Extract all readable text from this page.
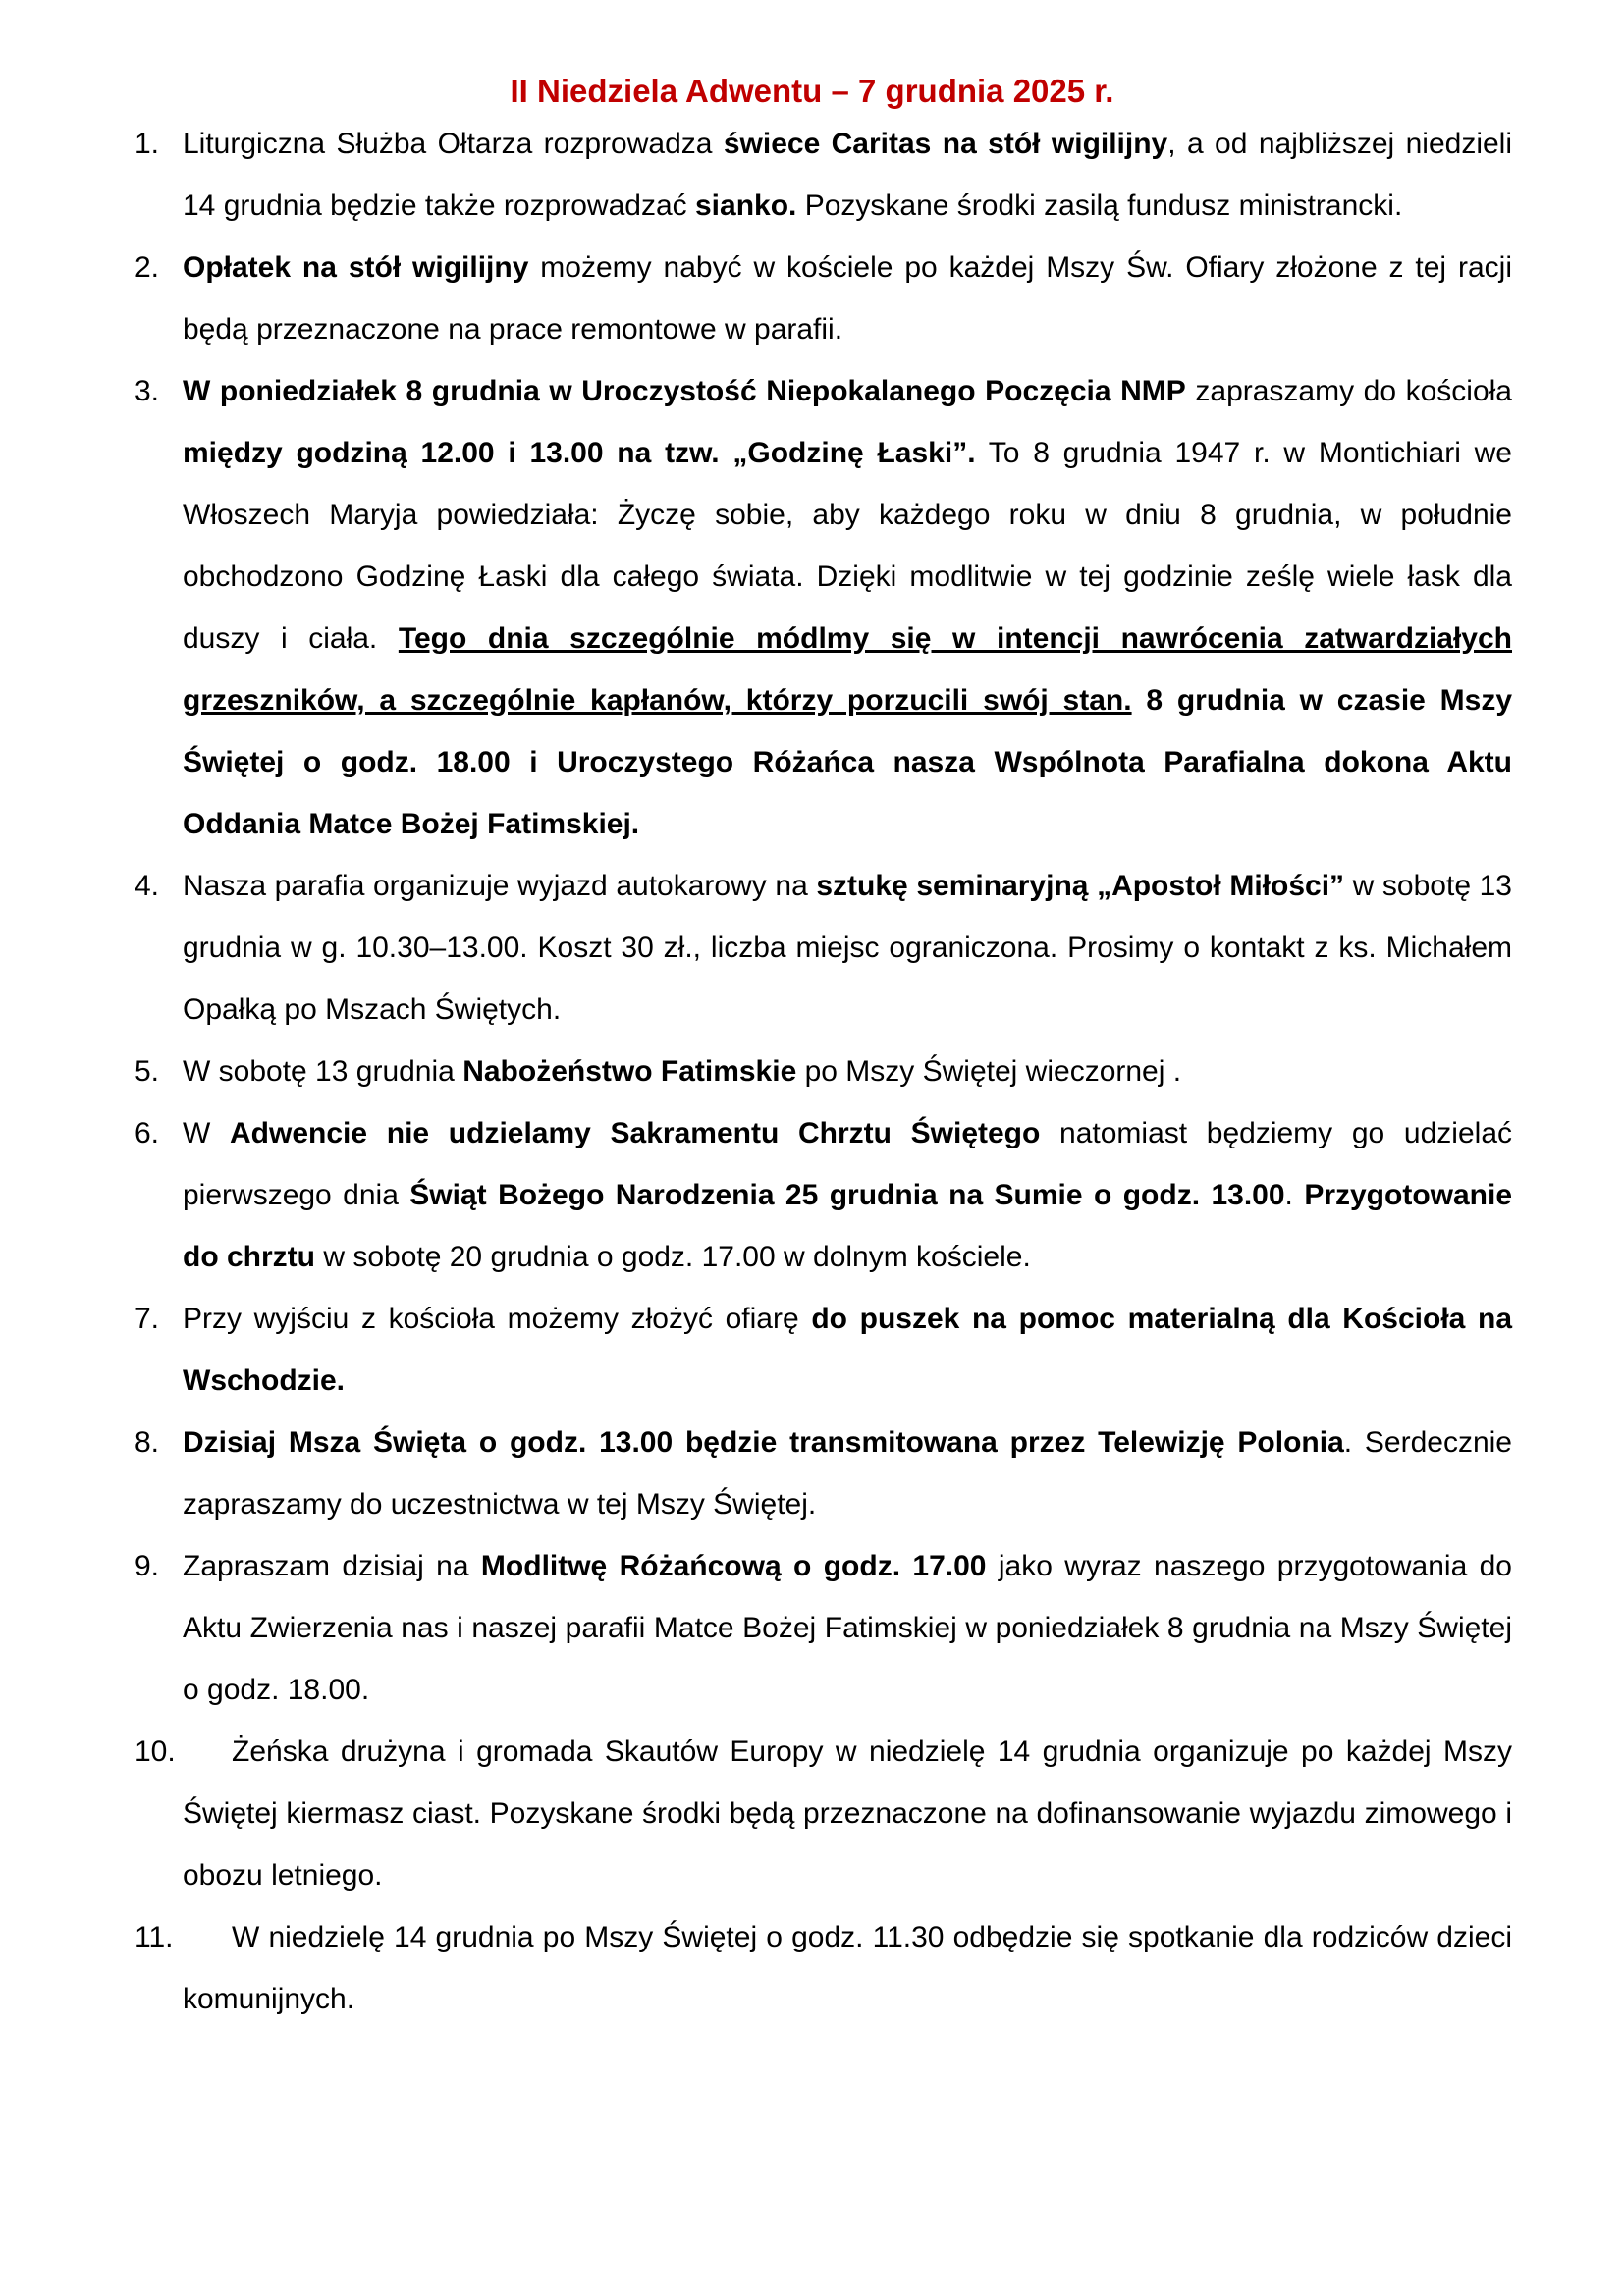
II Niedziela Adwentu – 7 grudnia 2025 r.
1. Liturgiczna Służba Ołtarza rozprowadza świece Caritas na stół wigilijny, a od najbliższej niedzieli 14 grudnia będzie także rozprowadzać sianko. Pozyskane środki zasilą fundusz ministrancki.
2. Opłatek na stół wigilijny możemy nabyć w kościele po każdej Mszy Św. Ofiary złożone z tej racji będą przeznaczone na prace remontowe w parafii.
3. W poniedziałek 8 grudnia w Uroczystość Niepokalanego Poczęcia NMP zapraszamy do kościoła między godziną 12.00 i 13.00 na tzw. „Godzinę Łaski”. To 8 grudnia 1947 r. w Montichiari we Włoszech Maryja powiedziała: Życzę sobie, aby każdego roku w dniu 8 grudnia, w południe obchodzono Godzinę Łaski dla całego świata. Dzięki modlitwie w tej godzinie ześlę wiele łask dla duszy i ciała. Tego dnia szczególnie módlmy się w intencji nawrócenia zatwardziałych grzeszników, a szczególnie kapłanów, którzy porzucili swój stan. 8 grudnia w czasie Mszy Świętej o godz. 18.00 i Uroczystego Różańca nasza Wspólnota Parafialna dokona Aktu Oddania Matce Bożej Fatimskiej.
4. Nasza parafia organizuje wyjazd autokarowy na sztukę seminaryjną „Apostoł Miłości” w sobotę 13 grudnia w g. 10.30–13.00. Koszt 30 zł., liczba miejsc ograniczona. Prosimy o kontakt z ks. Michałem Opałką po Mszach Świętych.
5. W sobotę 13 grudnia Nabożeństwo Fatimskie po Mszy Świętej wieczornej .
6. W Adwencie nie udzielamy Sakramentu Chrztu Świętego natomiast będziemy go udzielać pierwszego dnia Świąt Bożego Narodzenia 25 grudnia na Sumie o godz. 13.00. Przygotowanie do chrztu w sobotę 20 grudnia o godz. 17.00 w dolnym kościele.
7. Przy wyjściu z kościoła możemy złożyć ofiarę do puszek na pomoc materialną dla Kościoła na Wschodzie.
8. Dzisiaj Msza Święta o godz. 13.00 będzie transmitowana przez Telewizję Polonia. Serdecznie zapraszamy do uczestnictwa w tej Mszy Świętej.
9. Zapraszam dzisiaj na Modlitwę Różańcową o godz. 17.00 jako wyraz naszego przygotowania do Aktu Zwierzenia nas i naszej parafii Matce Bożej Fatimskiej w poniedziałek 8 grudnia na Mszy Świętej o godz. 18.00.
10. Żeńska drużyna i gromada Skautów Europy w niedzielę 14 grudnia organizuje po każdej Mszy Świętej kiermasz ciast. Pozyskane środki będą przeznaczone na dofinansowanie wyjazdu zimowego i obozu letniego.
11. W niedzielę 14 grudnia po Mszy Świętej o godz. 11.30 odbędzie się spotkanie dla rodziców dzieci komunijnych.
